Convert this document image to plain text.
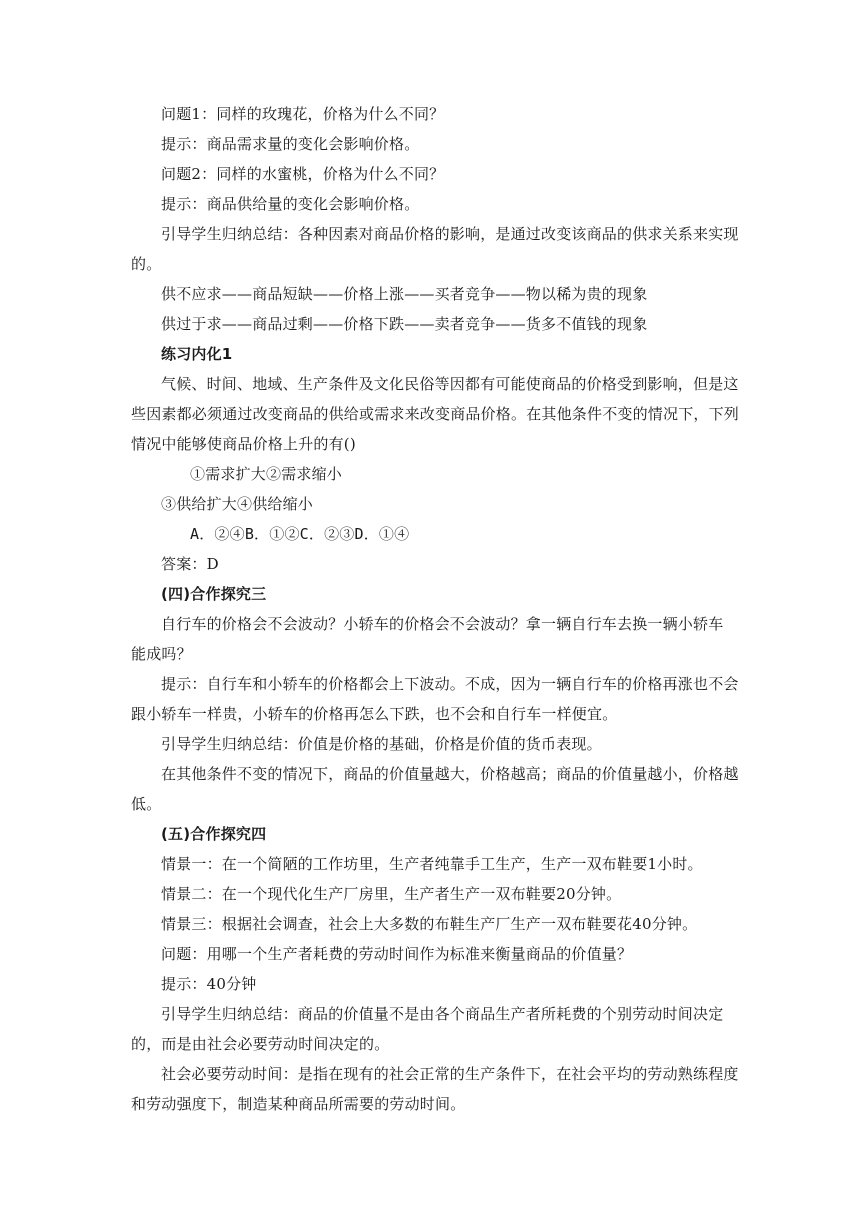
问题1：同样的玫瑰花，价格为什么不同？
提示：商品需求量的变化会影响价格。
问题2：同样的水蜜桃，价格为什么不同？
提示：商品供给量的变化会影响价格。
引导学生归纳总结：各种因素对商品价格的影响，是通过改变该商品的供求关系来实现
的。
供不应求——商品短缺——价格上涨——买者竞争——物以稀为贵的现象
供过于求——商品过剩——价格下跌——卖者竞争——货多不值钱的现象
练习内化1
气候、时间、地域、生产条件及文化民俗等因都有可能使商品的价格受到影响，但是这
些因素都必须通过改变商品的供给或需求来改变商品价格。在其他条件不变的情况下，下列
情况中能够使商品价格上升的有()
①需求扩大②需求缩小
③供给扩大④供给缩小
A．②④B．①②C．②③D．①④
答案：D
(四)合作探究三
自行车的价格会不会波动？小轿车的价格会不会波动？拿一辆自行车去换一辆小轿车
能成吗？
提示：自行车和小轿车的价格都会上下波动。不成，因为一辆自行车的价格再涨也不会
跟小轿车一样贵，小轿车的价格再怎么下跌，也不会和自行车一样便宜。
引导学生归纳总结：价值是价格的基础，价格是价值的货币表现。
在其他条件不变的情况下，商品的价值量越大，价格越高；商品的价值量越小，价格越
低。
(五)合作探究四
情景一：在一个简陋的工作坊里，生产者纯靠手工生产，生产一双布鞋要1小时。
情景二：在一个现代化生产厂房里，生产者生产一双布鞋要20分钟。
情景三：根据社会调查，社会上大多数的布鞋生产厂生产一双布鞋要花40分钟。
问题：用哪一个生产者耗费的劳动时间作为标准来衡量商品的价值量？
提示：40分钟
引导学生归纳总结：商品的价值量不是由各个商品生产者所耗费的个别劳动时间决定
的，而是由社会必要劳动时间决定的。
社会必要劳动时间：是指在现有的社会正常的生产条件下，在社会平均的劳动熟练程度
和劳动强度下，制造某种商品所需要的劳动时间。
